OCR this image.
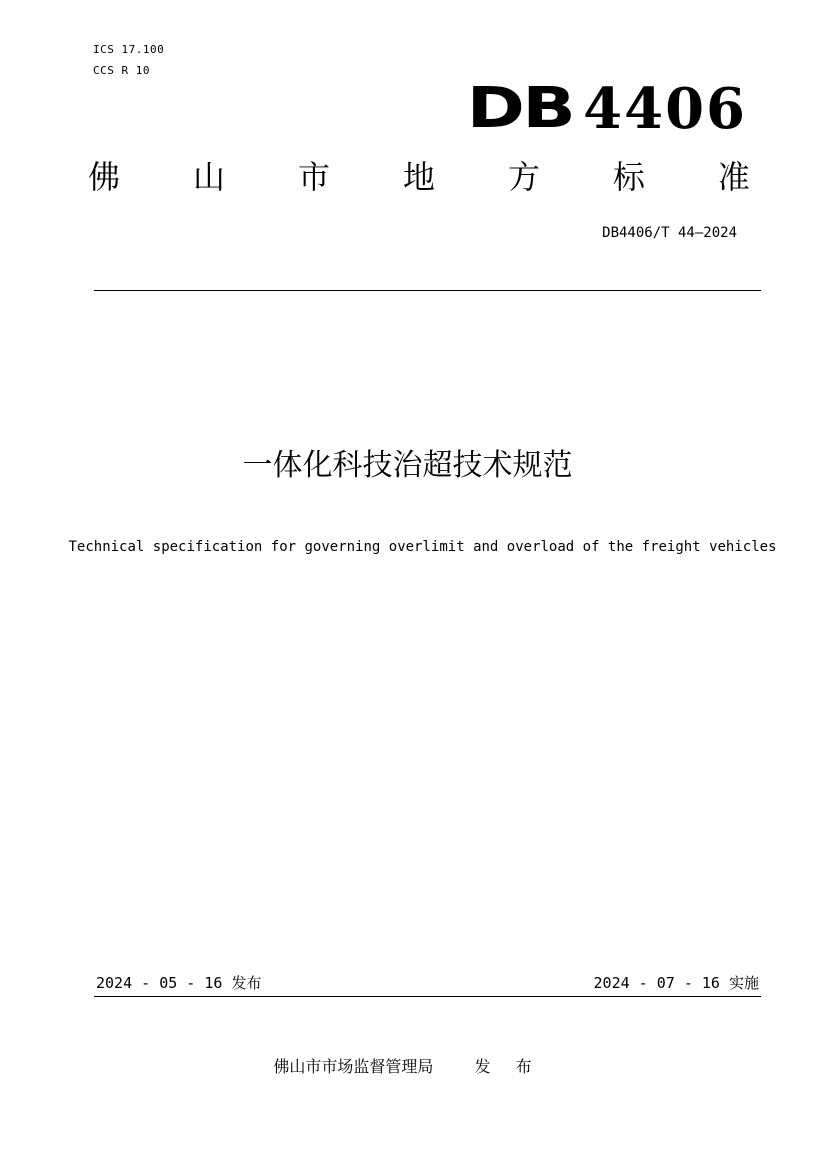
ICS 17.100
CCS R 10
DB 4406
佛 山 市 地 方 标 准
DB4406/T 44—2024
一体化科技治超技术规范
Technical specification for governing overlimit and overload of the freight vehicles
2024 - 05 - 16 发布	2024 - 07 - 16 实施
佛山市市场监督管理局	发 布
